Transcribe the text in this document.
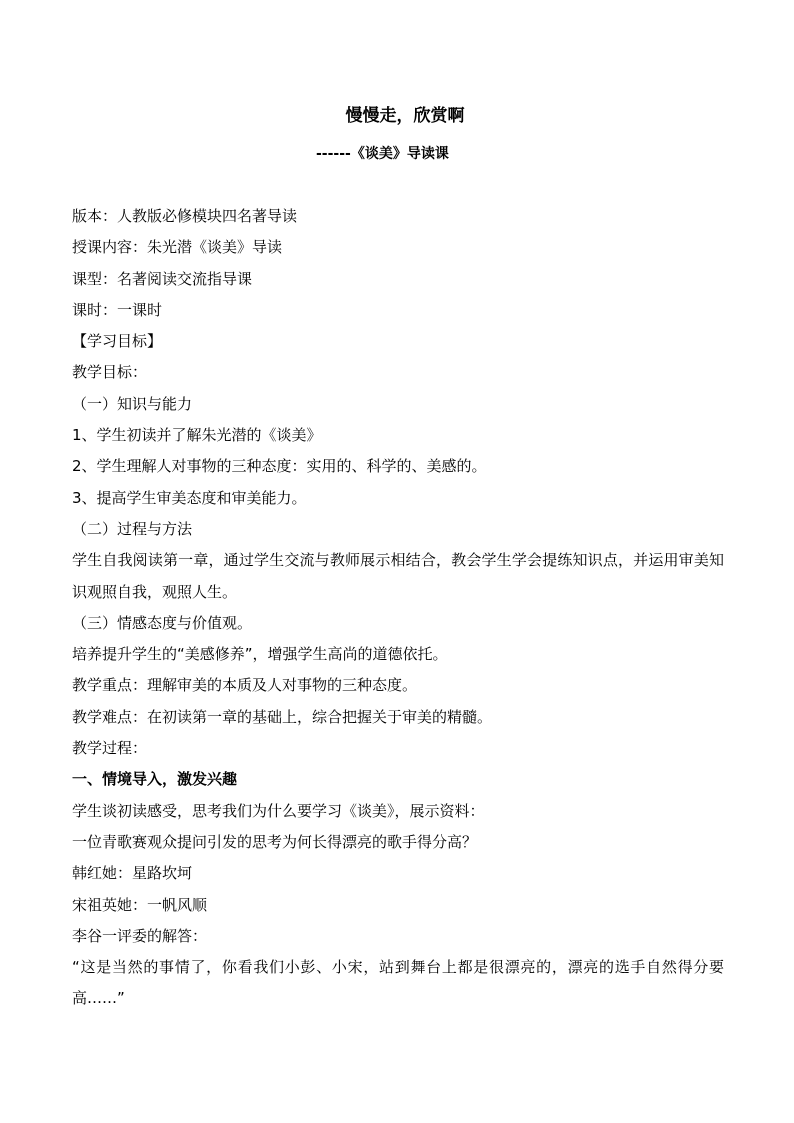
慢慢走，欣赏啊
------《谈美》导读课
版本：人教版必修模块四名著导读
授课内容：朱光潜《谈美》导读
课型：名著阅读交流指导课
课时：一课时
【学习目标】
教学目标：
（一）知识与能力
1、学生初读并了解朱光潜的《谈美》
2、学生理解人对事物的三种态度：实用的、科学的、美感的。
3、提高学生审美态度和审美能力。
（二）过程与方法
学生自我阅读第一章，通过学生交流与教师展示相结合，教会学生学会提练知识点，并运用审美知识观照自我，观照人生。
（三）情感态度与价值观。
培养提升学生的“美感修养”，增强学生高尚的道德依托。
教学重点：理解审美的本质及人对事物的三种态度。
教学难点：在初读第一章的基础上，综合把握关于审美的精髓。
教学过程：
一、情境导入，激发兴趣
学生谈初读感受，思考我们为什么要学习《谈美》，展示资料：
一位青歌赛观众提问引发的思考为何长得漂亮的歌手得分高？
韩红她：星路坎坷
宋祖英她：一帆风顺
李谷一评委的解答：
“这是当然的事情了，你看我们小彭、小宋，站到舞台上都是很漂亮的，漂亮的选手自然得分要高……”
